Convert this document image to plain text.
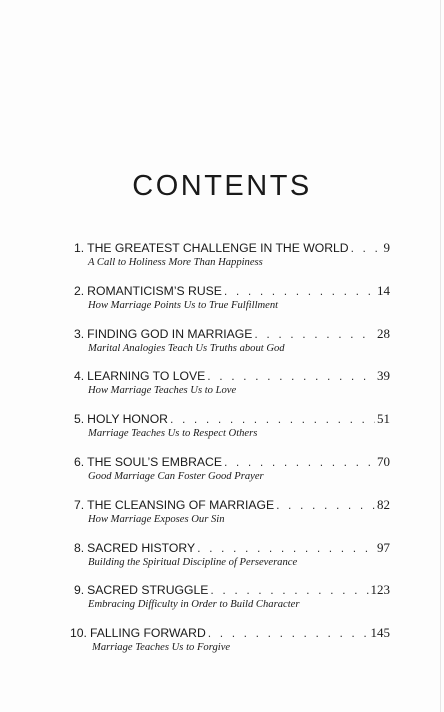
CONTENTS
1. THE GREATEST CHALLENGE IN THE WORLD . . .	9
A Call to Holiness More Than Happiness
2. ROMANTICISM’S RUSE . . .	14
How Marriage Points Us to True Fulfillment
3. FINDING GOD IN MARRIAGE . . .	28
Marital Analogies Teach Us Truths about God
4. LEARNING TO LOVE . . .	39
How Marriage Teaches Us to Love
5. HOLY HONOR . . .	51
Marriage Teaches Us to Respect Others
6. THE SOUL’S EMBRACE . . .	70
Good Marriage Can Foster Good Prayer
7. THE CLEANSING OF MARRIAGE . . .	82
How Marriage Exposes Our Sin
8. SACRED HISTORY . . .	97
Building the Spiritual Discipline of Perseverance
9. SACRED STRUGGLE . . .	123
Embracing Difficulty in Order to Build Character
10. FALLING FORWARD . . .	145
Marriage Teaches Us to Forgive
